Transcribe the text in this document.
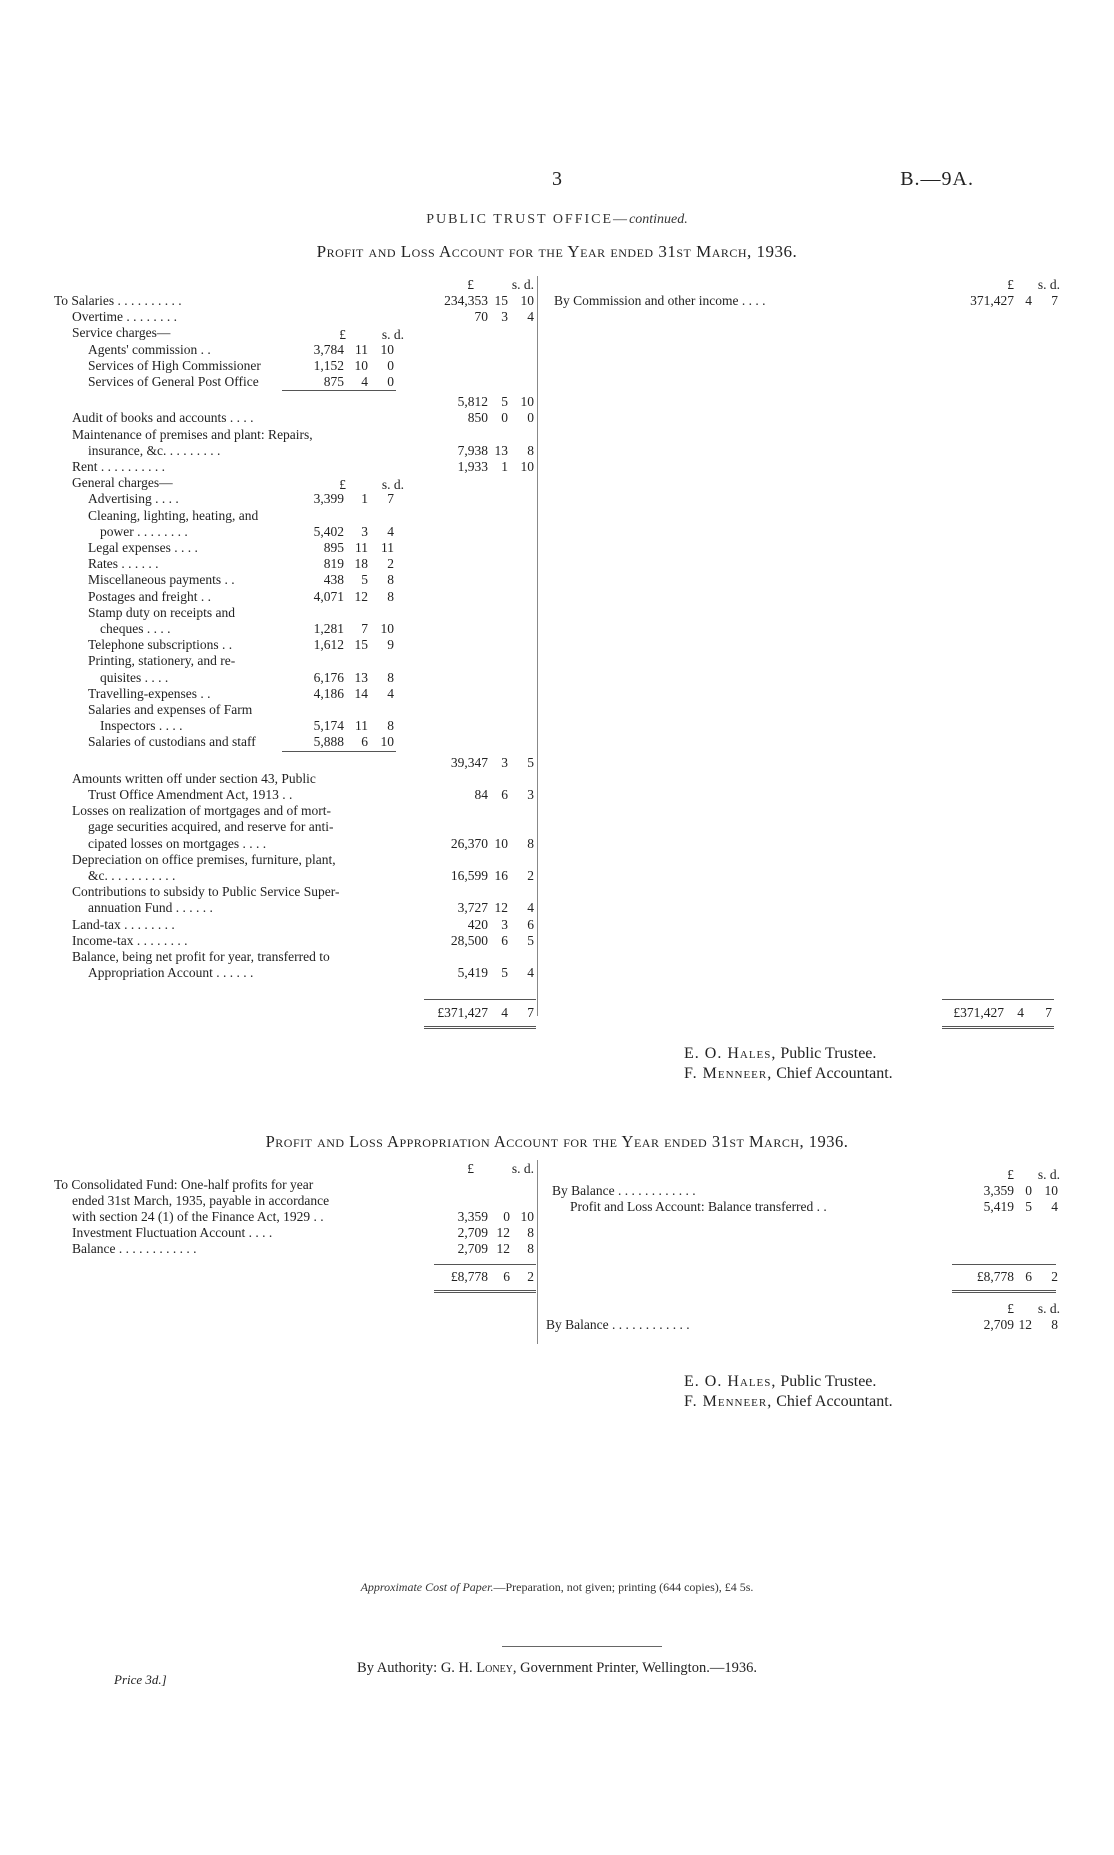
3	B.—9A.
PUBLIC TRUST OFFICE—continued.
Profit and Loss Account for the Year ended 31st March, 1936.
£	s. d.	£	s. d.
£	s. d.
£	s. d.
To Salaries . . . . . . . . . .	234,353 15 10
Overtime . . . . . . . .	70 3	4
Service charges—
Agents' commission . .	3,784 11 10
Services of High Commissioner	1,152 10	0
Services of General Post Office	875	4	0
5,812 5 10
Audit of books and accounts . . . .	850 0	0
Maintenance of premises and plant: Repairs,
insurance, &c. . . . . . . . .	7,938 13	8
Rent . . . . . . . . . .	1,933 1 10
General charges—
Advertising . . . .	3,399	1	7
Cleaning, lighting, heating, and
power . . . . . . . .	5,402	3	4
Legal expenses . . . .	895 11 11
Rates . . . . . .	819 18	2
Miscellaneous payments . .	438	5	8
Postages and freight . .	4,071 12	8
Stamp duty on receipts and
cheques . . . .	1,281	7 10
Telephone subscriptions . .	1,612 15	9
Printing, stationery, and re-
quisites . . . .	6,176 13	8
Travelling-expenses . .	4,186 14	4
Salaries and expenses of Farm
Inspectors . . . .	5,174 11	8
Salaries of custodians and staff	5,888	6 10
39,347 3	5
Amounts written off under section 43, Public
Trust Office Amendment Act, 1913 . .	84 6	3
Losses on realization of mortgages and of mort-
gage securities acquired, and reserve for anti-
cipated losses on mortgages . . . .	26,370 10	8
Depreciation on office premises, furniture, plant,
&c. . . . . . . . . . .	16,599 16	2
Contributions to subsidy to Public Service Super-
annuation Fund . . . . . .	3,727 12	4
Land-tax . . . . . . . .	420 3	6
Income-tax . . . . . . . .	28,500 6	5
Balance, being net profit for year, transferred to
Appropriation Account . . . . . .	5,419 5	4
By Commission and other income . . . .	371,427 4	7
£371,427 4	7	£371,427 4	7
E. O. Hales, Public Trustee.
F. Menneer, Chief Accountant.
Profit and Loss Appropriation Account for the Year ended 31st March, 1936.
£	s. d.	£	s. d.
To Consolidated Fund: One-half profits for year
ended 31st March, 1935, payable in accordance
with section 24 (1) of the Finance Act, 1929 . .	3,359	0 10
Investment Fluctuation Account . . . .	2,709 12	8
Balance . . . . . . . . . . . .	2,709 12	8
£8,778	6	2
By Balance . . . . . . . . . . . .	3,359 0 10
Profit and Loss Account: Balance transferred . .	5,419 5	4
£8,778 6	2
£	s. d.
By Balance . . . . . . . . . . . .	2,709 12	8
E. O. Hales, Public Trustee.
F. Menneer, Chief Accountant.
Approximate Cost of Paper.—Preparation, not given; printing (644 copies), £4 5s.
By Authority: G. H. Loney, Government Printer, Wellington.—1936.
Price 3d.]
